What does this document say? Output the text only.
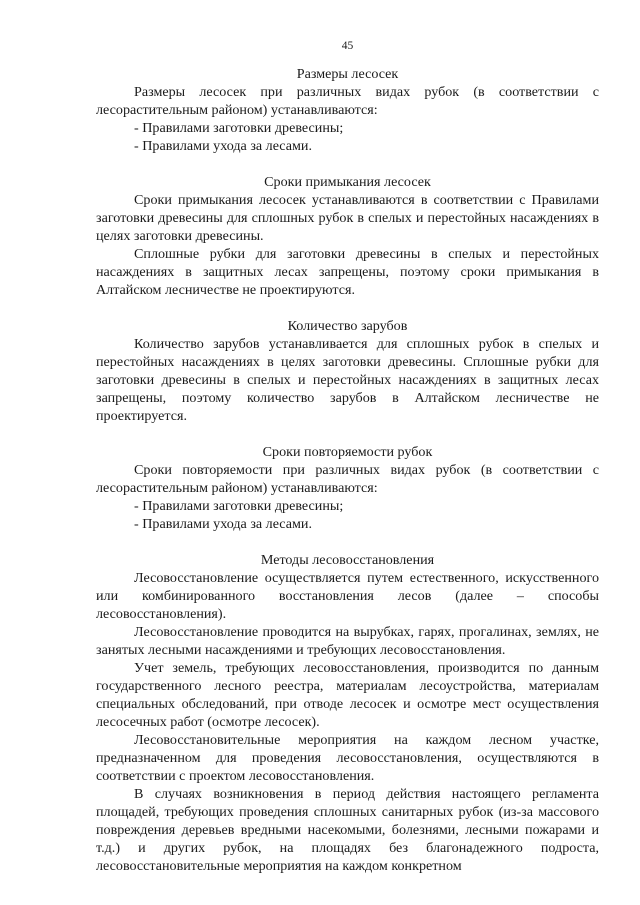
45
Размеры лесосек

Размеры лесосек при различных видах рубок (в соответствии с лесорастительным районом) устанавливаются:

- Правилами заготовки древесины;

- Правилами ухода за лесами.

Сроки примыкания лесосек

Сроки примыкания лесосек устанавливаются в соответствии с Правилами заготовки древесины для сплошных рубок в спелых и перестойных насаждениях в целях заготовки древесины.

Сплошные рубки для заготовки древесины в спелых и перестойных насаждениях в защитных лесах запрещены, поэтому сроки примыкания в Алтайском лесничестве не проектируются.

Количество зарубов

Количество зарубов устанавливается для сплошных рубок в спелых и перестойных насаждениях в целях заготовки древесины. Сплошные рубки для заготовки древесины в спелых и перестойных насаждениях в защитных лесах запрещены, поэтому количество зарубов в Алтайском лесничестве не проектируется.

Сроки повторяемости рубок

Сроки повторяемости при различных видах рубок (в соответствии с лесорастительным районом) устанавливаются:

- Правилами заготовки древесины;

- Правилами ухода за лесами.

Методы лесовосстановления

Лесовосстановление осуществляется путем естественного, искусственного или комбинированного восстановления лесов (далее – способы лесовосстановления).

Лесовосстановление проводится на вырубках, гарях, прогалинах, землях, не занятых лесными насаждениями и требующих лесовосстановления.

Учет земель, требующих лесовосстановления, производится по данным государственного лесного реестра, материалам лесоустройства, материалам специальных обследований, при отводе лесосек и осмотре мест осуществления лесосечных работ (осмотре лесосек).

Лесовосстановительные мероприятия на каждом лесном участке, предназначенном для проведения лесовосстановления, осуществляются в соответствии с проектом лесовосстановления.

В случаях возникновения в период действия настоящего регламента площадей, требующих проведения сплошных санитарных рубок (из-за массового повреждения деревьев вредными насекомыми, болезнями, лесными пожарами и т.д.) и других рубок, на площадях без благонадежного подроста, лесовосстановительные мероприятия на каждом конкретном
